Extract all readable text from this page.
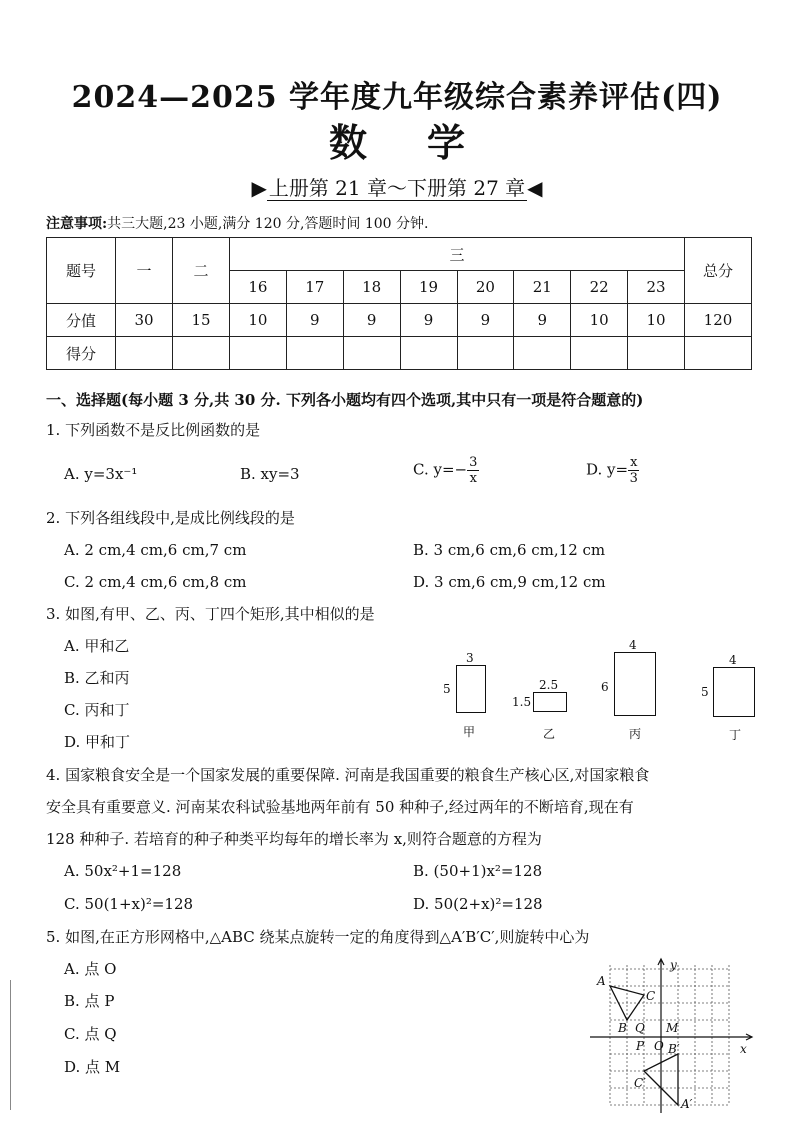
2024—2025 学年度九年级综合素养评估(四)
数学
▶ 上册第 21 章～下册第 27 章 ◀
注意事项:共三大题,23 小题,满分 120 分,答题时间 100 分钟.
题号	一	二	三								总分
			16	17	18	19	20	21	22	23	
分值	30	15	10	9	9	9	9	9	10	10	120
得分											
一、选择题(每小题 3 分,共 30 分. 下列各小题均有四个选项,其中只有一项是符合题意的)
1. 下列函数不是反比例函数的是
A. y=3x⁻¹	B. xy=3	C. $y=- \frac{3}{x}$	D. $y= \frac{x}{3}$
2. 下列各组线段中,是成比例线段的是
A. 2 cm,4 cm,6 cm,7 cm	B. 3 cm,6 cm,6 cm,12 cm
C. 2 cm,4 cm,6 cm,8 cm	D. 3 cm,6 cm,9 cm,12 cm
3. 如图,有甲、乙、丙、丁四个矩形,其中相似的是
A. 甲和乙
B. 乙和丙
C. 丙和丁
D. 甲和丁
3
5
甲
2.5
1.5
乙
4
6
丙
4
5
丁
4. 国家粮食安全是一个国家发展的重要保障. 河南是我国重要的粮食生产核心区,对国家粮食
安全具有重要意义. 河南某农科试验基地两年前有 50 种种子,经过两年的不断培育,现在有
128 种种子. 若培育的种子种类平均每年的增长率为 x,则符合题意的方程为
A. 50x²+1=128	B. (50+1)x²=128
C. 50(1+x)²=128	D. 50(2+x)²=128
5. 如图,在正方形网格中,△ABC 绕某点旋转一定的角度得到△A′B′C′,则旋转中心为
A. 点 O
B. 点 P
C. 点 Q
D. 点 M
A
C
B Q M
P O B′
C′
A′
x
y
